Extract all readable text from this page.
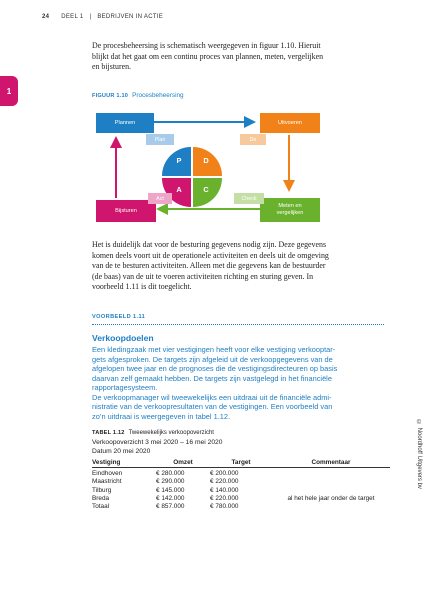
24 DEEL 1 | BEDRIJVEN IN ACTIE
1
De procesbeheersing is schematisch weergegeven in figuur 1.10. Hieruit
blijkt dat het gaat om een continu proces van plannen, meten, vergelijken
en bijsturen.
FIGUUR 1.10 Procesbeheersing
Plannen	Uitvoeren
Bijsturen
Meten en
vergelijken
Plan	Do
Act	Check
P	D
A	C
Het is duidelijk dat voor de besturing gegevens nodig zijn. Deze gegevens
komen deels voort uit de operationele activiteiten en deels uit de omgeving
van de te besturen activiteiten. Alleen met die gegevens kan de bestuurder
(de baas) van de uit te voeren activiteiten richting en sturing geven. In
voorbeeld 1.11 is dit toegelicht.
VOORBEELD 1.11
Verkoopdoelen
Een kledingzaak met vier vestigingen heeft voor elke vestiging verkooptar-
gets afgesproken. De targets zijn afgeleid uit de verkoopgegevens van de
afgelopen twee jaar en de prognoses die de vestigingsdirecteuren op basis
daarvan zelf gemaakt hebben. De targets zijn vastgelegd in het financiële
rapportagesysteem.
De verkoopmanager wil tweewekelijks een uitdraai uit de financiële admi-
nistratie van de verkoopresultaten van de vestigingen. Een voorbeeld van
zo’n uitdraai is weergegeven in tabel 1.12.
TABEL 1.12 Tweewekelijks verkoopoverzicht
Verkoopoverzicht 3 mei 2020 – 16 mei 2020
Datum 20 mei 2020
Vestiging	Omzet	Target	Commentaar
Eindhoven	€ 280.000	€ 200.000	
Maastricht	€ 290.000	€ 220.000	
Tilburg	€ 145.000	€ 140.000	
Breda	€ 142.000	€ 220.000	al het hele jaar onder de target
Totaal	€ 857.000	€ 780.000	
© Noordhoff Uitgevers bv
